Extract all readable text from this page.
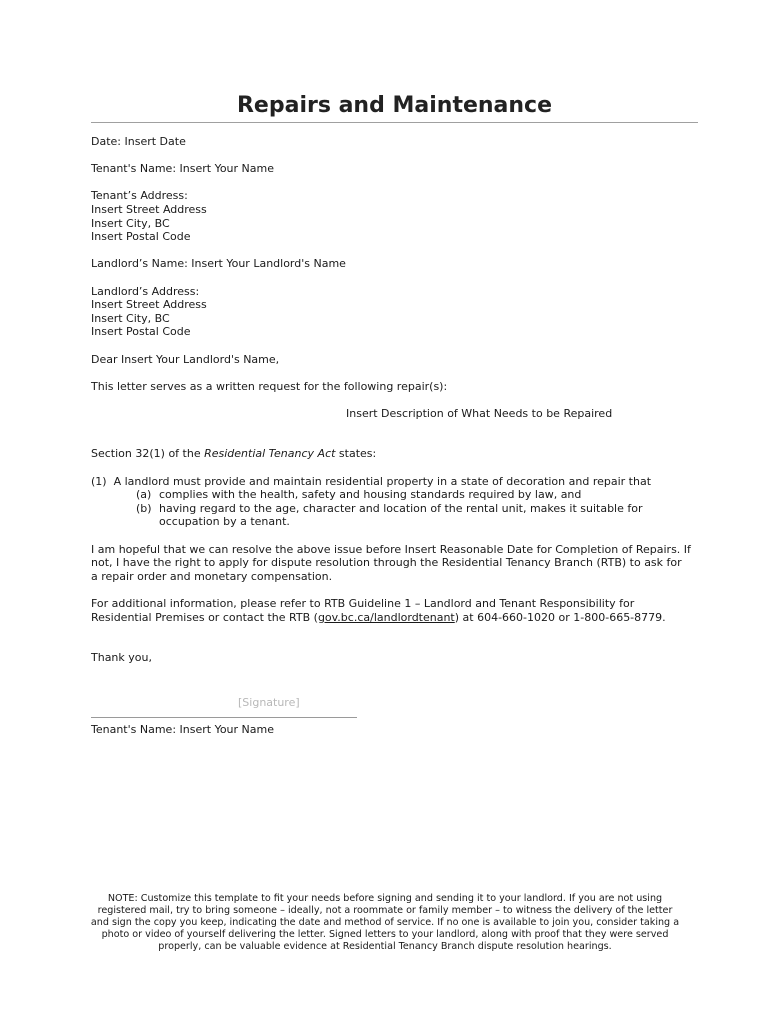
Repairs and Maintenance

Date: Insert Date

Tenant's Name: Insert Your Name

Tenant’s Address:

Insert Street Address

Insert City, BC

Insert Postal Code

Landlord’s Name: Insert Your Landlord's Name

Landlord’s Address:

Insert Street Address

Insert City, BC

Insert Postal Code

Dear Insert Your Landlord's Name,

This letter serves as a written request for the following repair(s):

Insert Description of What Needs to be Repaired

Section 32(1) of the Residential Tenancy Act states:

(1) A landlord must provide and maintain residential property in a state of decoration and repair that

(a) complies with the health, safety and housing standards required by law, and

(b) having regard to the age, character and location of the rental unit, makes it suitable for occupation by a tenant.

I am hopeful that we can resolve the above issue before Insert Reasonable Date for Completion of Repairs. If not, I have the right to apply for dispute resolution through the Residential Tenancy Branch (RTB) to ask for a repair order and monetary compensation.

For additional information, please refer to RTB Guideline 1 – Landlord and Tenant Responsibility for Residential Premises or contact the RTB (gov.bc.ca/landlordtenant) at 604-660-1020 or 1-800-665-8779.

Thank you,

[Signature]
Tenant's Name: Insert Your Name
NOTE: Customize this template to fit your needs before signing and sending it to your landlord. If you are not using registered mail, try to bring someone – ideally, not a roommate or family member – to witness the delivery of the letter and sign the copy you keep, indicating the date and method of service. If no one is available to join you, consider taking a photo or video of yourself delivering the letter. Signed letters to your landlord, along with proof that they were served properly, can be valuable evidence at Residential Tenancy Branch dispute resolution hearings.
